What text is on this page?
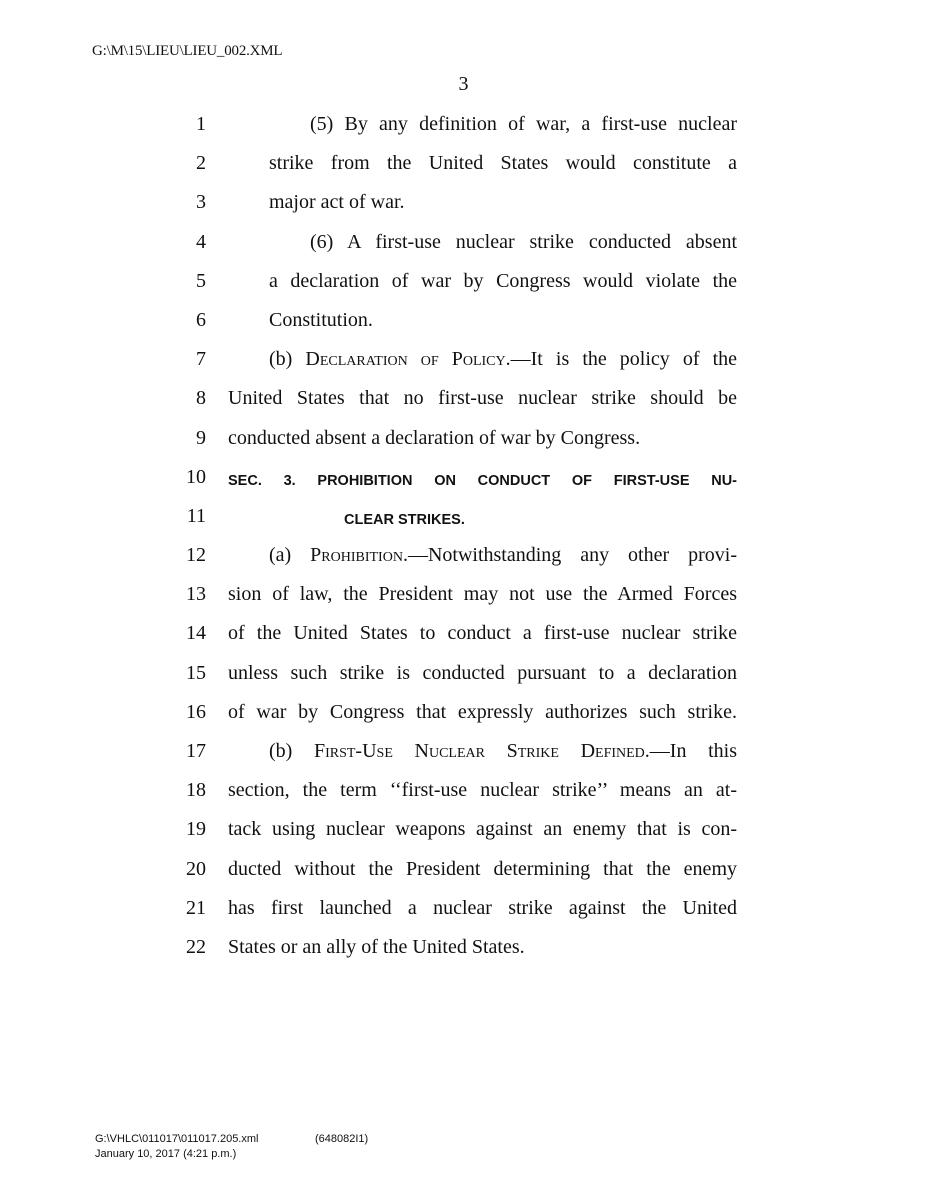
G:\M\15\LIEU\LIEU_002.XML
3
1	(5) By any definition of war, a first-use nuclear
2	strike from the United States would constitute a
3	major act of war.
4	(6) A first-use nuclear strike conducted absent
5	a declaration of war by Congress would violate the
6	Constitution.
7	(b) Declaration of Policy.—It is the policy of the
8 United States that no first-use nuclear strike should be
9 conducted absent a declaration of war by Congress.
10 SEC. 3. PROHIBITION ON CONDUCT OF FIRST-USE NU-
11	CLEAR STRIKES.
12	(a) Prohibition.—Notwithstanding any other provi-
13 sion of law, the President may not use the Armed Forces
14 of the United States to conduct a first-use nuclear strike
15 unless such strike is conducted pursuant to a declaration
16 of war by Congress that expressly authorizes such strike.
17	(b) First-Use Nuclear Strike Defined.—In this
18 section, the term ‘‘first-use nuclear strike’’ means an at-
19 tack using nuclear weapons against an enemy that is con-
20 ducted without the President determining that the enemy
21 has first launched a nuclear strike against the United
22 States or an ally of the United States.
G:\VHLC\011017\011017.205.xml	(648082I1)
January 10, 2017 (4:21 p.m.)
